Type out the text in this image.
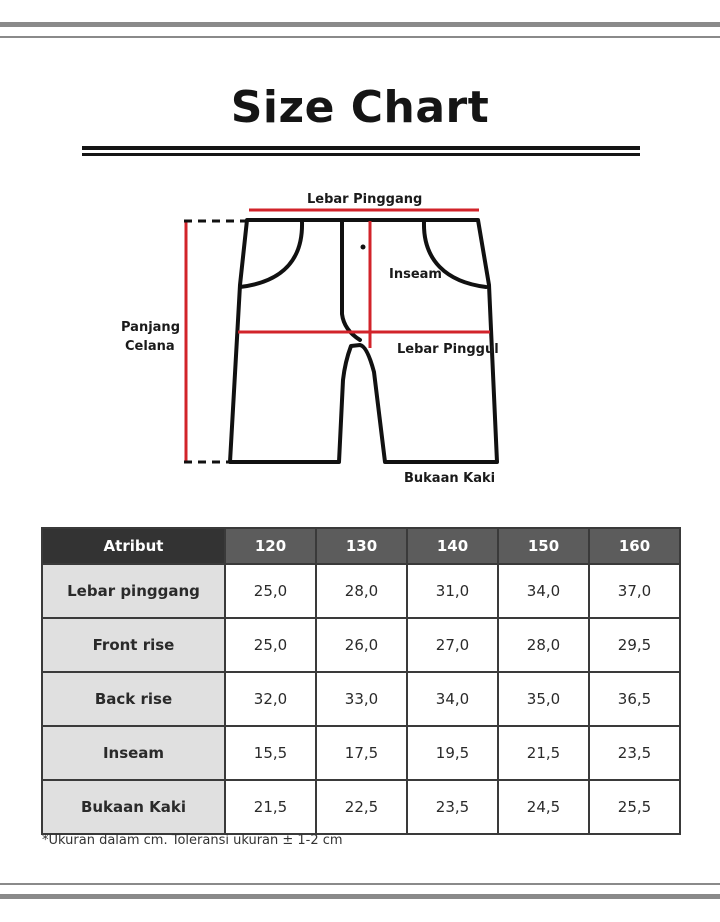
Size Chart
Lebar Pinggang
Inseam
Panjang
Celana	Lebar Pinggul
Bukaan Kaki
Atribut	120	130	140	150	160
Lebar pinggang	25,0	28,0	31,0	34,0	37,0
Front rise	25,0	26,0	27,0	28,0	29,5
Back rise	32,0	33,0	34,0	35,0	36,5
Inseam	15,5	17,5	19,5	21,5	23,5
Bukaan Kaki	21,5	22,5	23,5	24,5	25,5
*Ukuran dalam cm. Toleransi ukuran ± 1-2 cm
